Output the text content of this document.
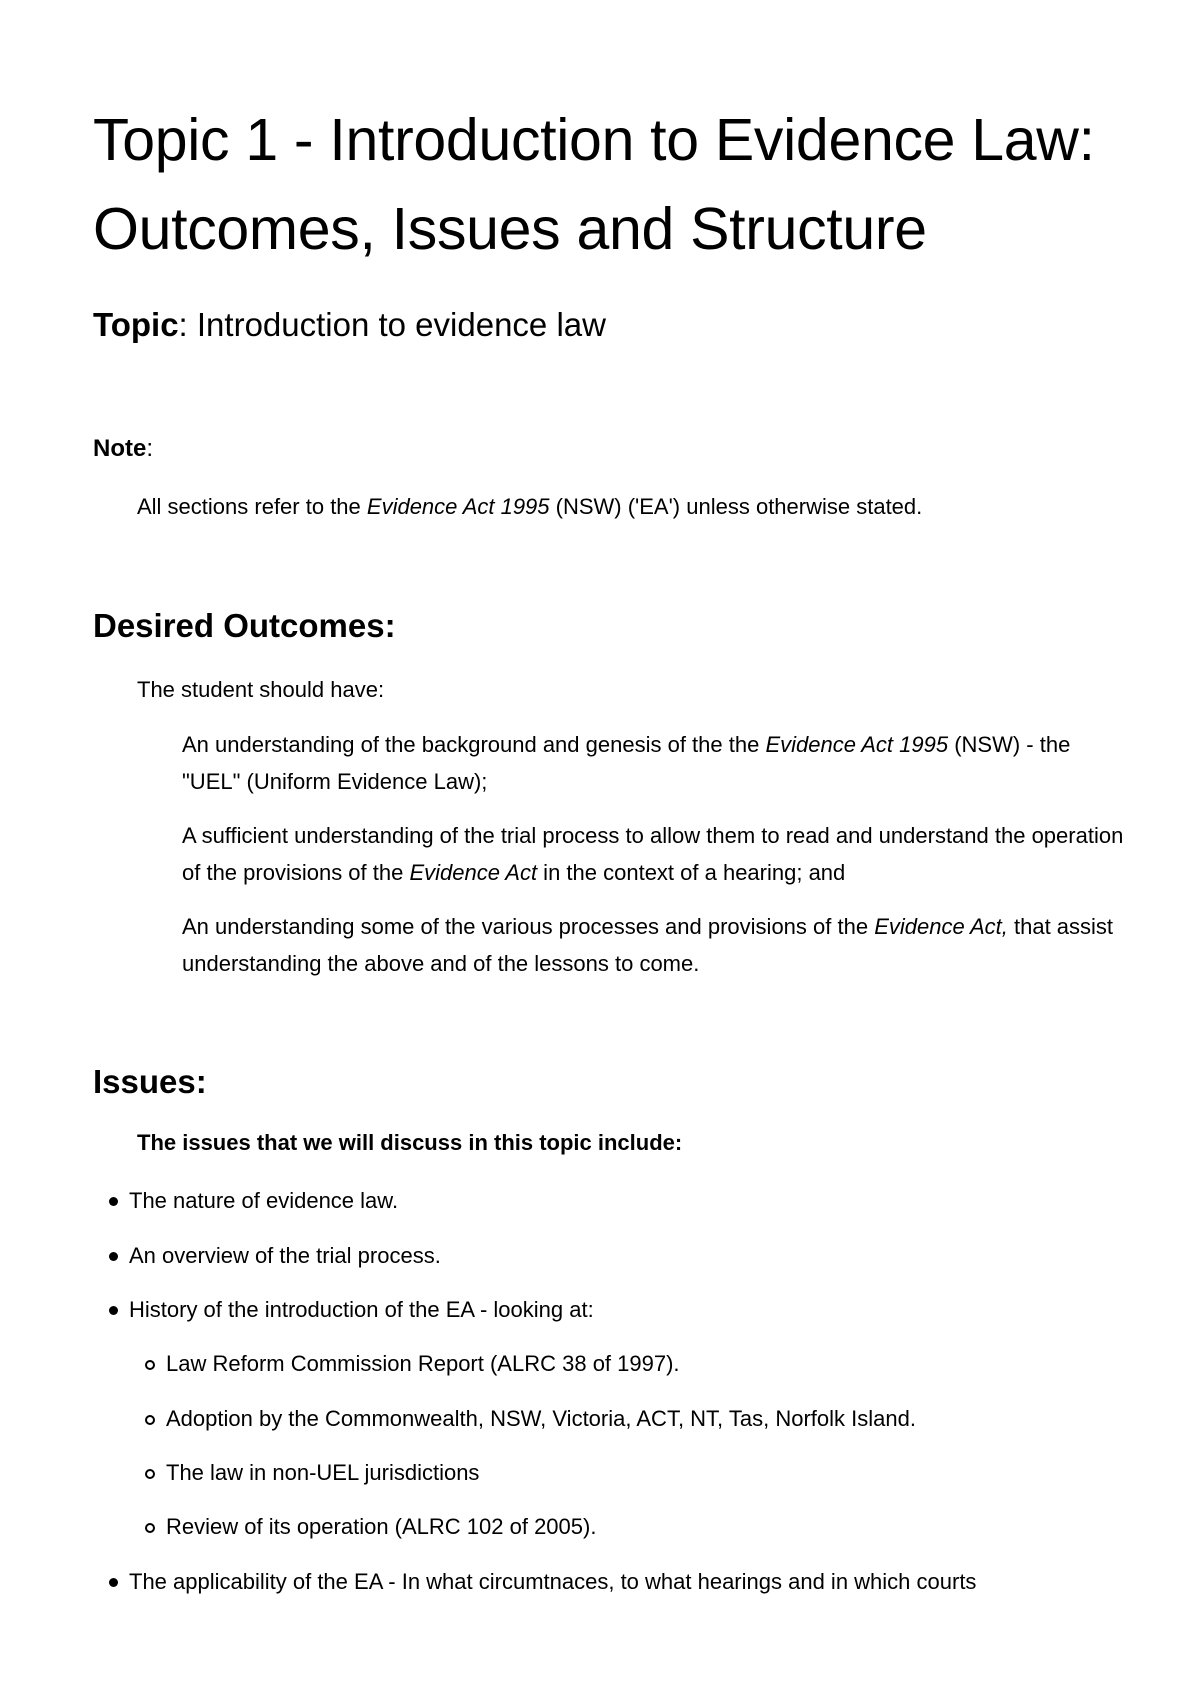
Topic 1 - Introduction to Evidence Law: Outcomes, Issues and Structure

Topic: Introduction to evidence law

Note:

All sections refer to the Evidence Act 1995 (NSW) ('EA') unless otherwise stated.

Desired Outcomes:

The student should have:

An understanding of the background and genesis of the the Evidence Act 1995 (NSW) - the "UEL" (Uniform Evidence Law);

A sufficient understanding of the trial process to allow them to read and understand the operation of the provisions of the Evidence Act in the context of a hearing; and

An understanding some of the various processes and provisions of the Evidence Act, that assist understanding the above and of the lessons to come.

Issues:

The issues that we will discuss in this topic include:

The nature of evidence law.

An overview of the trial process.

History of the introduction of the EA - looking at:

Law Reform Commission Report (ALRC 38 of 1997).

Adoption by the Commonwealth, NSW, Victoria, ACT, NT, Tas, Norfolk Island.

The law in non-UEL jurisdictions

Review of its operation (ALRC 102 of 2005).

The applicability of the EA - In what circumtnaces, to what hearings and in which courts
